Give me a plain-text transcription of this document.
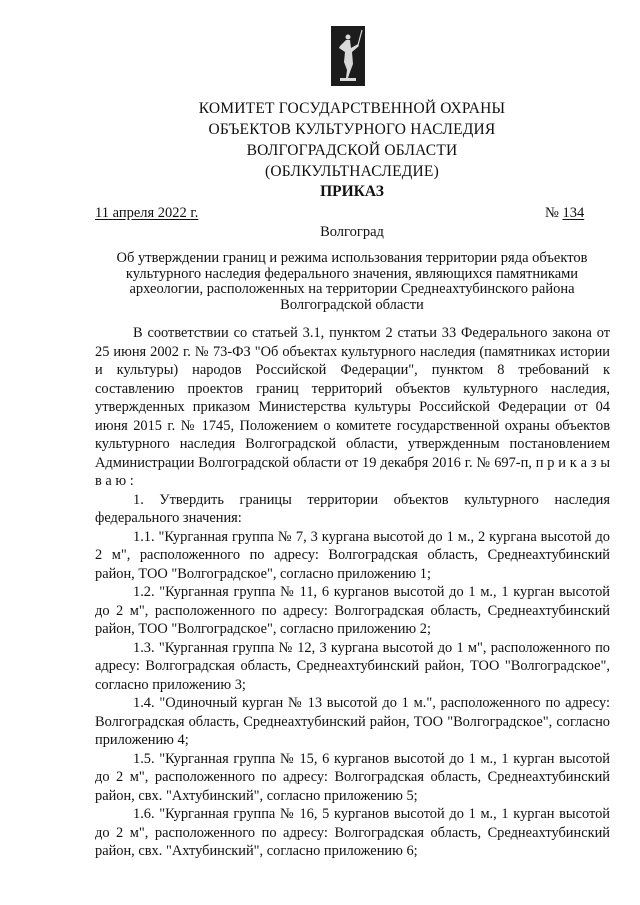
КОМИТЕТ ГОСУДАРСТВЕННОЙ ОХРАНЫ
ОБЪЕКТОВ КУЛЬТУРНОГО НАСЛЕДИЯ
ВОЛГОГРАДСКОЙ ОБЛАСТИ
(ОБЛКУЛЬТНАСЛЕДИЕ)
ПРИКАЗ
11 апреля 2022 г.	№ 134
Волгоград
Об утверждении границ и режима использования территории ряда объектов культурного наследия федерального значения, являющихся памятниками археологии, расположенных на территории Среднеахтубинского района Волгоградской области

В соответствии со статьей 3.1, пунктом 2 статьи 33 Федерального закона от 25 июня 2002 г. № 73-ФЗ "Об объектах культурного наследия (памятниках истории и культуры) народов Российской Федерации", пунктом 8 требований к составлению проектов границ территорий объектов культурного наследия, утвержденных приказом Министерства культуры Российской Федерации от 04 июня 2015 г. № 1745, Положением о комитете государственной охраны объектов культурного наследия Волгоградской области, утвержденным постановлением Администрации Волгоградской области от 19 декабря 2016 г. № 697-п, п р и к а з ы в а ю :

1. Утвердить границы территории объектов культурного наследия федерального значения:

1.1. "Курганная группа № 7, 3 кургана высотой до 1 м., 2 кургана высотой до 2 м", расположенного по адресу: Волгоградская область, Среднеахтубинский район, ТОО "Волгоградское", согласно приложению 1;

1.2. "Курганная группа № 11, 6 курганов высотой до 1 м., 1 курган высотой до 2 м", расположенного по адресу: Волгоградская область, Среднеахтубинский район, ТОО "Волгоградское", согласно приложению 2;

1.3. "Курганная группа № 12, 3 кургана высотой до 1 м", расположенного по адресу: Волгоградская область, Среднеахтубинский район, ТОО "Волгоградское", согласно приложению 3;

1.4. "Одиночный курган № 13 высотой до 1 м.", расположенного по адресу: Волгоградская область, Среднеахтубинский район, ТОО "Волгоградское", согласно приложению 4;

1.5. "Курганная группа № 15, 6 курганов высотой до 1 м., 1 курган высотой до 2 м", расположенного по адресу: Волгоградская область, Среднеахтубинский район, свх. "Ахтубинский", согласно приложению 5;

1.6. "Курганная группа № 16, 5 курганов высотой до 1 м., 1 курган высотой до 2 м", расположенного по адресу: Волгоградская область, Среднеахтубинский район, свх. "Ахтубинский", согласно приложению 6;
